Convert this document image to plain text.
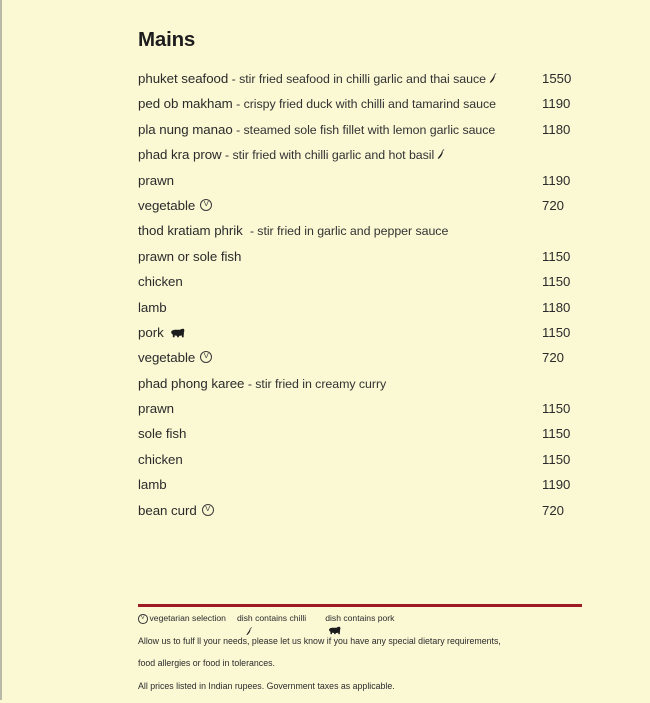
Mains
phuket seafood - stir fried seafood in chilli garlic and thai sauce	1550
ped ob makham - crispy fried duck with chilli and tamarind sauce	1190
pla nung manao - steamed sole fish fillet with lemon garlic sauce	1180
phad kra prow - stir fried with chilli garlic and hot basil
prawn	1190
vegetable V	720
thod kratiam phrik - stir fried in garlic and pepper sauce
prawn or sole fish	1150
chicken	1150
lamb	1180
pork	1150
vegetable V	720
phad phong karee - stir fried in creamy curry
prawn	1150
sole fish	1150
chicken	1150
lamb	1190
bean curd V	720
V
vegetarian selection

dish contains chilli

dish contains pork

Allow us to fulf ll your needs, please let us know if you have any special dietary requirements,

food allergies or food in tolerances.

All prices listed in Indian rupees. Government taxes as applicable.
